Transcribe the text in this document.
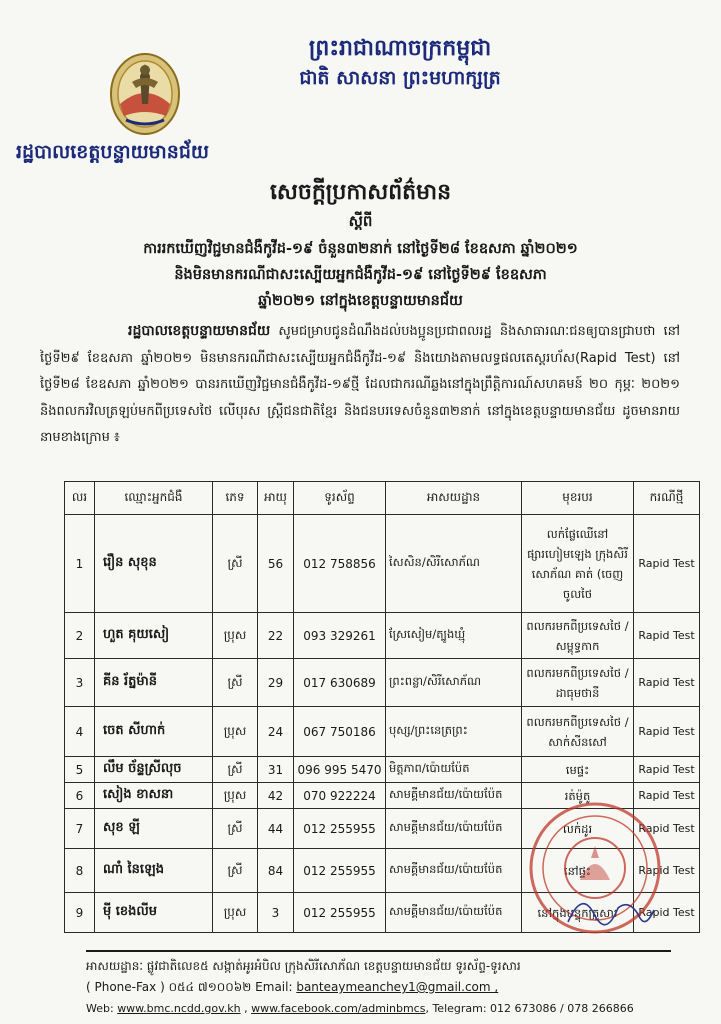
រដ្ឋបាលខេត្តបន្ទាយមានជ័យ
ព្រះរាជាណាចក្រកម្ពុជា
ជាតិ សាសនា ព្រះមហាក្សត្រ
សេចក្តីប្រកាសព័ត៌មាន
ស្តីពី
ការរកឃើញវិជ្ជមានជំងឺកូវីដ-១៩ ចំនួន៣២នាក់ នៅថ្ងៃទី២៨ ខែឧសភា ឆ្នាំ២០២១
និងមិនមានករណីជាសះស្បើយអ្នកជំងឺកូវីដ-១៩ នៅថ្ងៃទី២៩ ខែឧសភា
ឆ្នាំ២០២១ នៅក្នុងខេត្តបន្ទាយមានជ័យ
រដ្ឋបាលខេត្តបន្ទាយមានជ័យ សូមជម្រាបជូនដំណឹងដល់បងប្អូនប្រជាពលរដ្ឋ និងសាធារណៈជនឲ្យបានជ្រាបថា នៅថ្ងៃទី២៩ ខែឧសភា ឆ្នាំ២០២១ មិនមានករណីជាសះស្បើយអ្នកជំងឺកូវីដ-១៩ និងយោងតាមលទ្ធផលតេស្តរហ័ស(Rapid Test) នៅថ្ងៃទី២៨ ខែឧសភា ឆ្នាំ២០២១ បានរកឃើញវិជ្ជមានជំងឺកូវីដ-១៩ថ្មី ដែលជាករណីឆ្លងនៅក្នុងព្រឹត្តិការណ៍សហគមន៍ ២០ កុម្ភៈ ២០២១ និងពលករវិលត្រឡប់មកពីប្រទេសថៃ លើបុរស ស្រ្តីជនជាតិខ្មែរ និងជនបរទេសចំនួន៣២នាក់ នៅក្នុងខេត្តបន្ទាយមានជ័យ ដូចមានរាយនាមខាងក្រោម ៖
លរ	ឈ្មោះអ្នកជំងឺ	ភេទ	អាយុ	ទូរស័ព្ទ	អាសយដ្ឋាន	មុខរបរ	ករណីថ្មី
1	រឿន សុខុន	ស្រី	56	012 758856	សៃសិន/សិរីសោភ័ណ	លក់ផ្លែឈើនៅផ្សារហៀមឡេង ក្រុងសិរីសោភ័ណ គាត់ (ចេញចូលថៃ	Rapid Test
2	ហួត គុយសៀ	ប្រុស	22	093 329261	ស្រែសៀម/ត្បូងឃ្មុំ	ពលករមកពីប្រទេសថៃ / សម្ពុទ្ធកាក	Rapid Test
3	គីន រ័ត្នម៉ានី	ស្រី	29	017 630689	ព្រះពន្លា/សិរីសោភ័ណ	ពលករមកពីប្រទេសថៃ / ដាធុមថានី	Rapid Test
4	ចេត សីហាក់	ប្រុស	24	067 750186	បុស្ស/ព្រះនេត្រព្រះ	ពលករមកពីប្រទេសថៃ / សាក់សីនសៅ	Rapid Test
5	លឹម ច័ន្ទស្រីលុច	ស្រី	31	096 995 5470	មិត្តភាព/ប៉ោយប៉ែត	មេផ្ទះ	Rapid Test
6	សៀង ខាសនា	ប្រុស	42	070 922224	សាមគ្គីមានជ័យ/ប៉ោយប៉ែត	រត់ម៉ូតូ	Rapid Test
7	សុខ ឡី	ស្រី	44	012 255955	សាមគ្គីមានជ័យ/ប៉ោយប៉ែត	លក់ដូរ	Rapid Test
8	ណាំ នៃឡេង	ស្រី	84	012 255955	សាមគ្គីមានជ័យ/ប៉ោយប៉ែត	នៅផ្ទះ	Rapid Test
9	ម៉ី ខេងលីម	ប្រុស	3	012 255955	សាមគ្គីមានជ័យ/ប៉ោយប៉ែត	នៅក្នុងបន្ទុកគ្រួសារ	Rapid Test
អាសយដ្ឋានៈ ផ្លូវជាតិលេខ៥ សង្កាត់អូរអំបិល ក្រុងសិរីសោភ័ណ ខេត្តបន្ទាយមានជ័យ ទូរស័ព្ទ-ទូរសារ
( Phone-Fax ) ០៥៤ ៧១០០៦២ Email: banteaymeanchey1@gmail.com ,
Web: www.bmc.ncdd.gov.kh , www.facebook.com/adminbmcs, Telegram: 012 673086 / 078 266866
